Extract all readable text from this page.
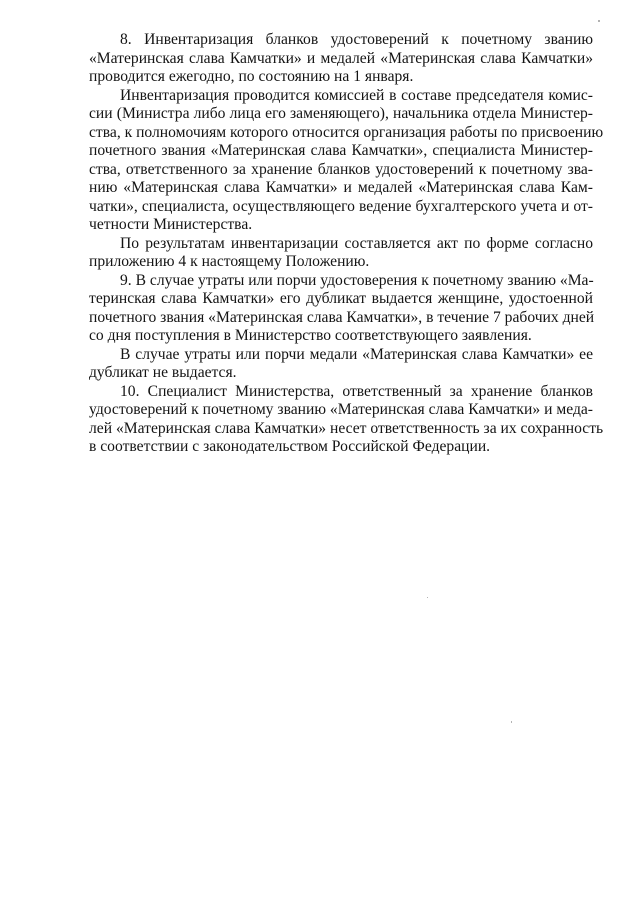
8. Инвентаризация бланков удостоверений к почетному званию
«Материнская слава Камчатки» и медалей «Материнская слава Камчатки»
проводится ежегодно, по состоянию на 1 января.
Инвентаризация проводится комиссией в составе председателя комис-
сии (Министра либо лица его заменяющего), начальника отдела Министер-
ства, к полномочиям которого относится организация работы по присвоению
почетного звания «Материнская слава Камчатки», специалиста Министер-
ства, ответственного за хранение бланков удостоверений к почетному зва-
нию «Материнская слава Камчатки» и медалей «Материнская слава Кам-
чатки», специалиста, осуществляющего ведение бухгалтерского учета и от-
четности Министерства.
По результатам инвентаризации составляется акт по форме согласно
приложению 4 к настоящему Положению.
9. В случае утраты или порчи удостоверения к почетному званию «Ма-
теринская слава Камчатки» его дубликат выдается женщине, удостоенной
почетного звания «Материнская слава Камчатки», в течение 7 рабочих дней
со дня поступления в Министерство соответствующего заявления.
В случае утраты или порчи медали «Материнская слава Камчатки» ее
дубликат не выдается.
10. Специалист Министерства, ответственный за хранение бланков
удостоверений к почетному званию «Материнская слава Камчатки» и меда-
лей «Материнская слава Камчатки» несет ответственность за их сохранность
в соответствии с законодательством Российской Федерации.
